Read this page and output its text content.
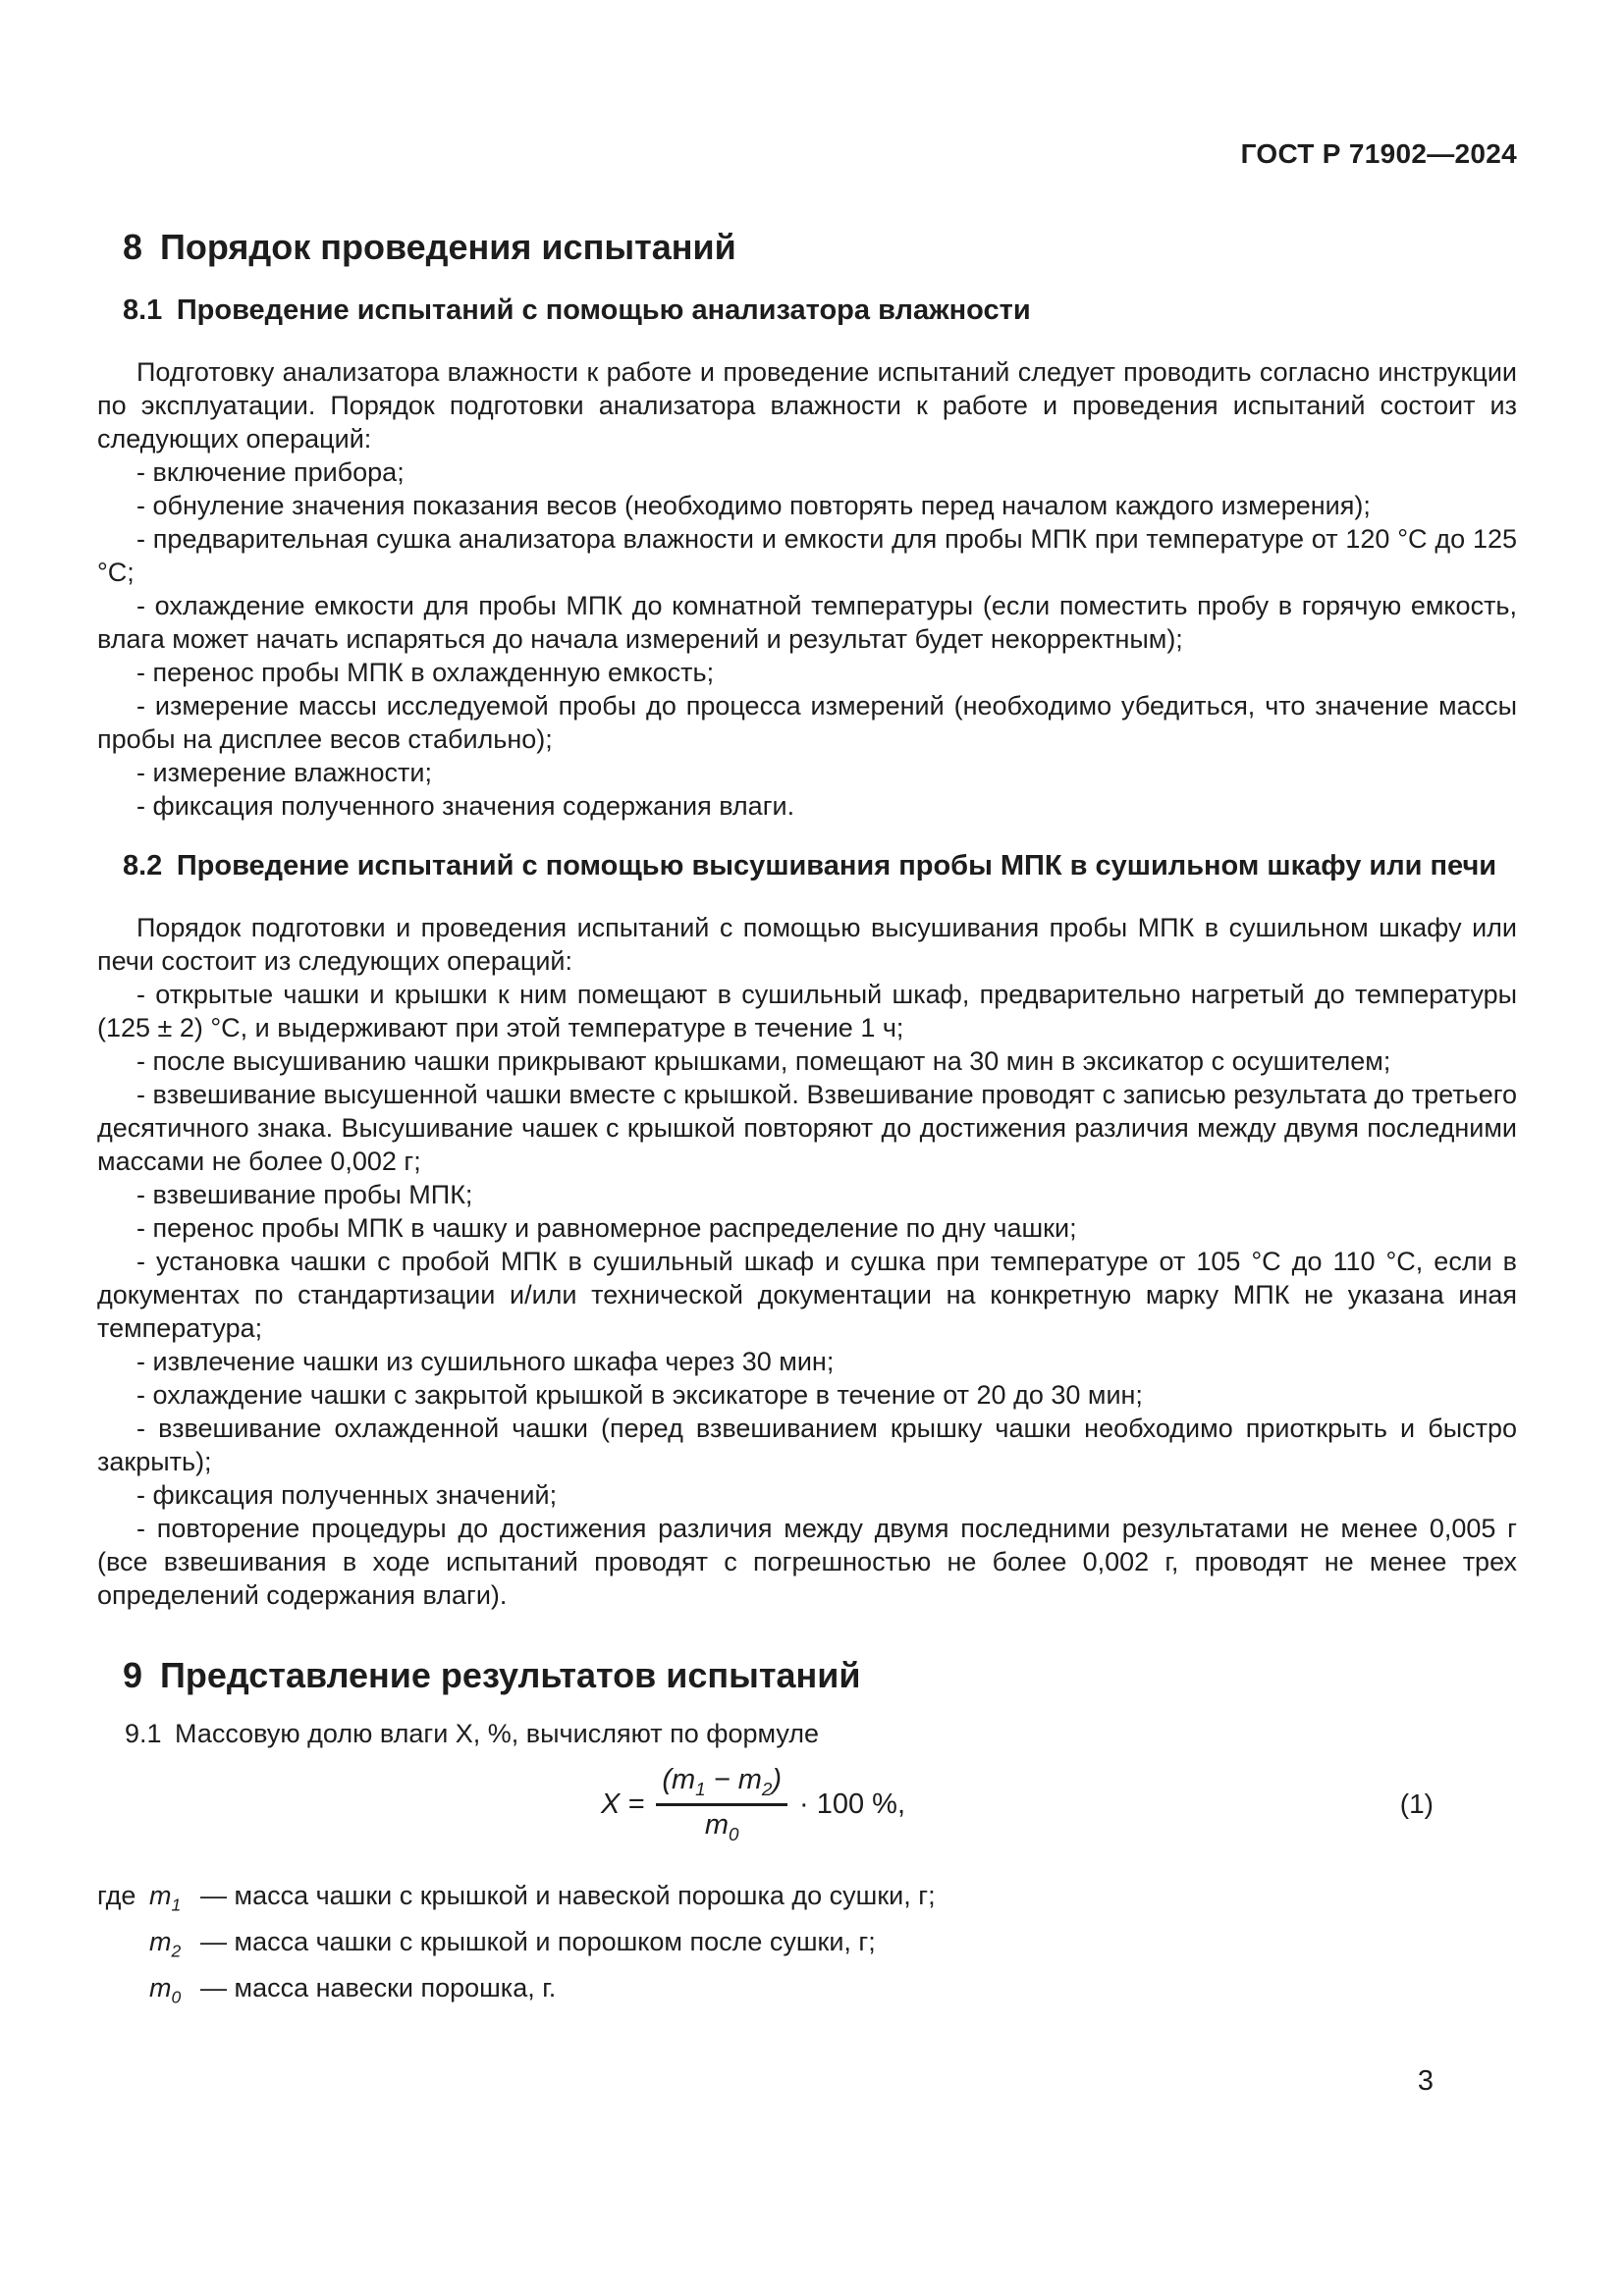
ГОСТ Р 71902—2024
8 Порядок проведения испытаний
8.1 Проведение испытаний с помощью анализатора влажности

Подготовку анализатора влажности к работе и проведение испытаний следует проводить согласно инструкции по эксплуатации. Порядок подготовки анализатора влажности к работе и проведения испытаний состоит из следующих операций:

- включение прибора;

- обнуление значения показания весов (необходимо повторять перед началом каждого измерения);

- предварительная сушка анализатора влажности и емкости для пробы МПК при температуре от 120 °С до 125 °С;

- охлаждение емкости для пробы МПК до комнатной температуры (если поместить пробу в горячую емкость, влага может начать испаряться до начала измерений и результат будет некорректным);

- перенос пробы МПК в охлажденную емкость;

- измерение массы исследуемой пробы до процесса измерений (необходимо убедиться, что значение массы пробы на дисплее весов стабильно);

- измерение влажности;

- фиксация полученного значения содержания влаги.

8.2 Проведение испытаний с помощью высушивания пробы МПК в сушильном шкафу или печи

Порядок подготовки и проведения испытаний с помощью высушивания пробы МПК в сушильном шкафу или печи состоит из следующих операций:

- открытые чашки и крышки к ним помещают в сушильный шкаф, предварительно нагретый до температуры (125 ± 2) °С, и выдерживают при этой температуре в течение 1 ч;

- после высушиванию чашки прикрывают крышками, помещают на 30 мин в эксикатор с осушителем;

- взвешивание высушенной чашки вместе с крышкой. Взвешивание проводят с записью результата до третьего десятичного знака. Высушивание чашек с крышкой повторяют до достижения различия между двумя последними массами не более 0,002 г;

- взвешивание пробы МПК;

- перенос пробы МПК в чашку и равномерное распределение по дну чашки;

- установка чашки с пробой МПК в сушильный шкаф и сушка при температуре от 105 °С до 110 °С, если в документах по стандартизации и/или технической документации на конкретную марку МПК не указана иная температура;

- извлечение чашки из сушильного шкафа через 30 мин;

- охлаждение чашки с закрытой крышкой в эксикаторе в течение от 20 до 30 мин;

- взвешивание охлажденной чашки (перед взвешиванием крышку чашки необходимо приоткрыть и быстро закрыть);

- фиксация полученных значений;

- повторение процедуры до достижения различия между двумя последними результатами не менее 0,005 г (все взвешивания в ходе испытаний проводят с погрешностью не более 0,002 г, проводят не менее трех определений содержания влаги).

9 Представление результатов испытаний

9.1 Массовую долю влаги X, %, вычисляют по формуле

$X = \frac{(m_1 - m_2)}{m_0} \cdot 100$ %,	(1)
где $m_1$ — масса чашки с крышкой и навеской порошка до сушки, г;
$m_2$ — масса чашки с крышкой и порошком после сушки, г;
$m_0$ — масса навески порошка, г.
3
